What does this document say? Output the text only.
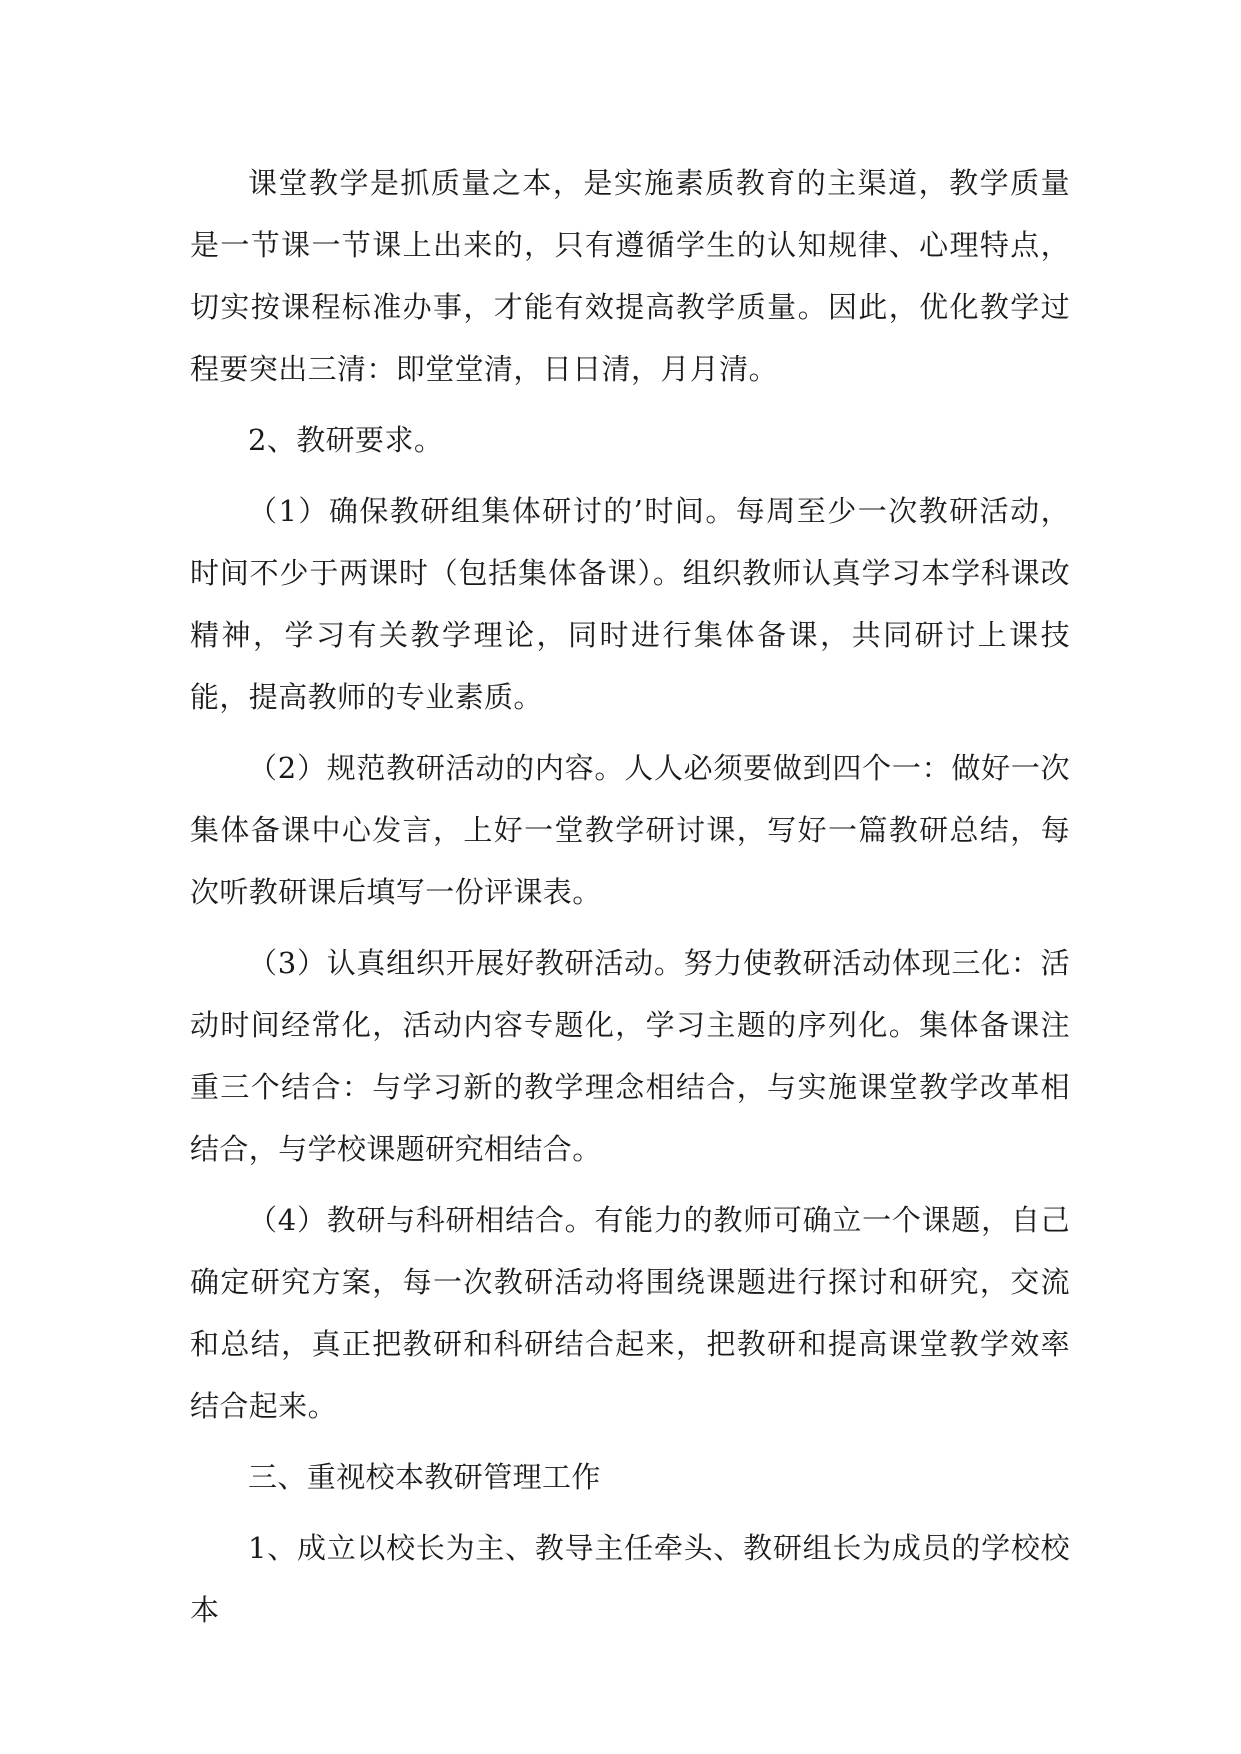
课堂教学是抓质量之本，是实施素质教育的主渠道，教学质量是一节课一节课上出来的，只有遵循学生的认知规律、心理特点，切实按课程标准办事，才能有效提高教学质量。因此，优化教学过程要突出三清：即堂堂清，日日清，月月清。

2、教研要求。

（1）确保教研组集体研讨的’时间。每周至少一次教研活动，时间不少于两课时（包括集体备课）。组织教师认真学习本学科课改精神，学习有关教学理论，同时进行集体备课，共同研讨上课技能，提高教师的专业素质。

（2）规范教研活动的内容。人人必须要做到四个一：做好一次集体备课中心发言，上好一堂教学研讨课，写好一篇教研总结，每次听教研课后填写一份评课表。

（3）认真组织开展好教研活动。努力使教研活动体现三化：活动时间经常化，活动内容专题化，学习主题的序列化。集体备课注重三个结合：与学习新的教学理念相结合，与实施课堂教学改革相结合，与学校课题研究相结合。

（4）教研与科研相结合。有能力的教师可确立一个课题，自己确定研究方案，每一次教研活动将围绕课题进行探讨和研究，交流和总结，真正把教研和科研结合起来，把教研和提高课堂教学效率结合起来。

三、重视校本教研管理工作

1、成立以校长为主、教导主任牵头、教研组长为成员的学校校本
